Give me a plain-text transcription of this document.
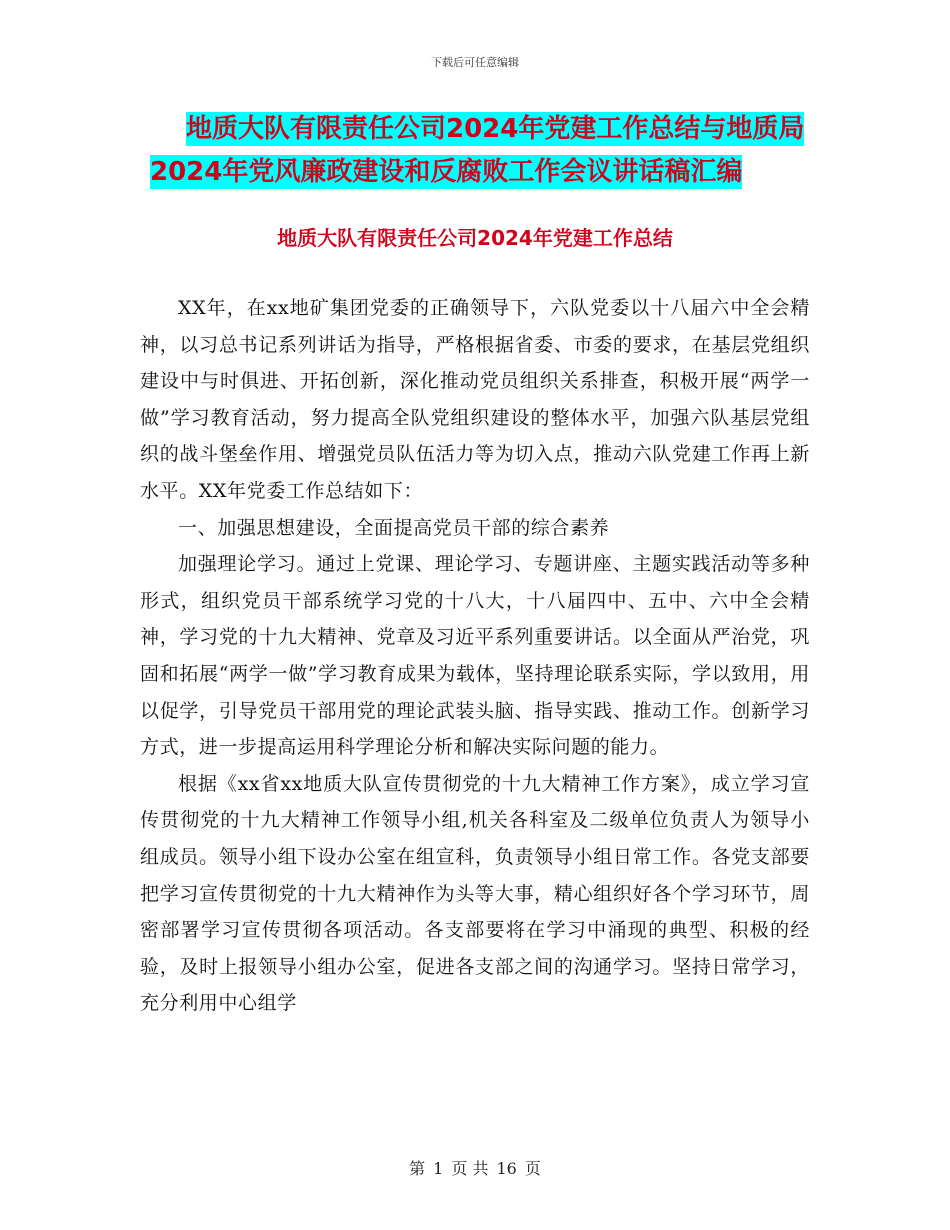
下载后可任意编辑
地质大队有限责任公司2024年党建工作总结与地质局
2024年党风廉政建设和反腐败工作会议讲话稿汇编
地质大队有限责任公司2024年党建工作总结

XX年，在xx地矿集团党委的正确领导下，六队党委以十八届六中全会精神，以习总书记系列讲话为指导，严格根据省委、市委的要求，在基层党组织建设中与时俱进、开拓创新，深化推动党员组织关系排查，积极开展“两学一做”学习教育活动，努力提高全队党组织建设的整体水平，加强六队基层党组织的战斗堡垒作用、增强党员队伍活力等为切入点，推动六队党建工作再上新水平。XX年党委工作总结如下：

一、加强思想建设，全面提高党员干部的综合素养

加强理论学习。通过上党课、理论学习、专题讲座、主题实践活动等多种形式，组织党员干部系统学习党的十八大，十八届四中、五中、六中全会精神，学习党的十九大精神、党章及习近平系列重要讲话。以全面从严治党，巩固和拓展“两学一做”学习教育成果为载体，坚持理论联系实际，学以致用，用以促学，引导党员干部用党的理论武装头脑、指导实践、推动工作。创新学习方式，进一步提高运用科学理论分析和解决实际问题的能力。

根据《xx省xx地质大队宣传贯彻党的十九大精神工作方案》，成立学习宣传贯彻党的十九大精神工作领导小组,机关各科室及二级单位负责人为领导小组成员。领导小组下设办公室在组宣科，负责领导小组日常工作。各党支部要把学习宣传贯彻党的十九大精神作为头等大事，精心组织好各个学习环节，周密部署学习宣传贯彻各项活动。各支部要将在学习中涌现的典型、积极的经验，及时上报领导小组办公室，促进各支部之间的沟通学习。坚持日常学习，充分利用中心组学

第 1 页 共 16 页
